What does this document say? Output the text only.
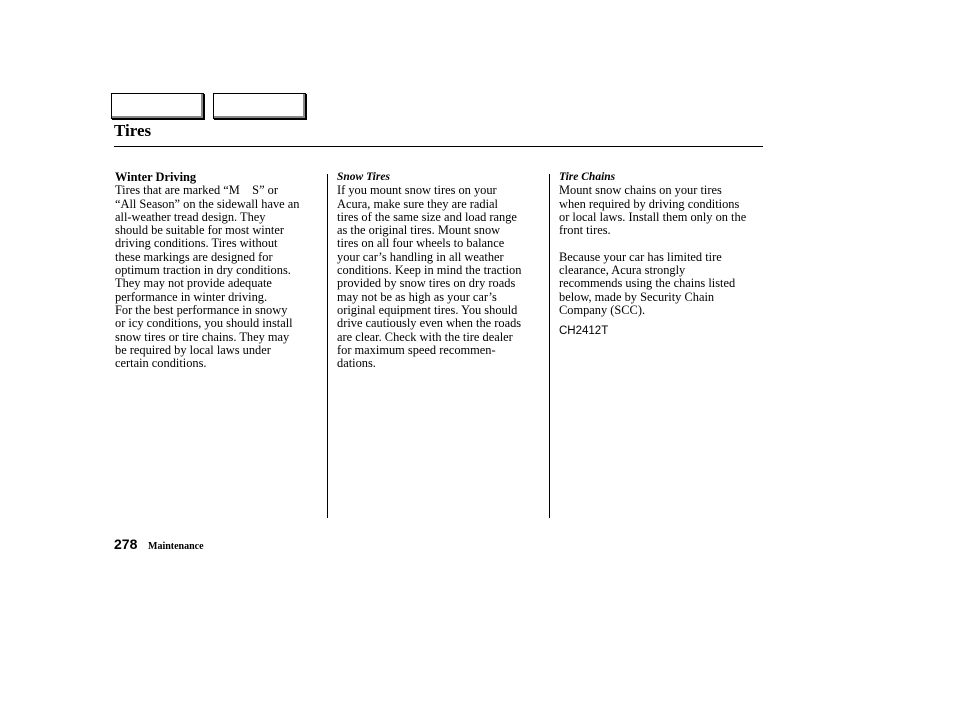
Tires
Winter Driving
Tires that are marked “M S” or
“All Season” on the sidewall have an
all-weather tread design. They
should be suitable for most winter
driving conditions. Tires without
these markings are designed for
optimum traction in dry conditions.
They may not provide adequate
performance in winter driving.
For the best performance in snowy
or icy conditions, you should install
snow tires or tire chains. They may
be required by local laws under
certain conditions.
Snow Tires
If you mount snow tires on your
Acura, make sure they are radial
tires of the same size and load range
as the original tires. Mount snow
tires on all four wheels to balance
your car’s handling in all weather
conditions. Keep in mind the traction
provided by snow tires on dry roads
may not be as high as your car’s
original equipment tires. You should
drive cautiously even when the roads
are clear. Check with the tire dealer
for maximum speed recommen-
dations.
Tire Chains
Mount snow chains on your tires
when required by driving conditions
or local laws. Install them only on the
front tires.
Because your car has limited tire
clearance, Acura strongly
recommends using the chains listed
below, made by Security Chain
Company (SCC).
CH2412T
278 Maintenance
